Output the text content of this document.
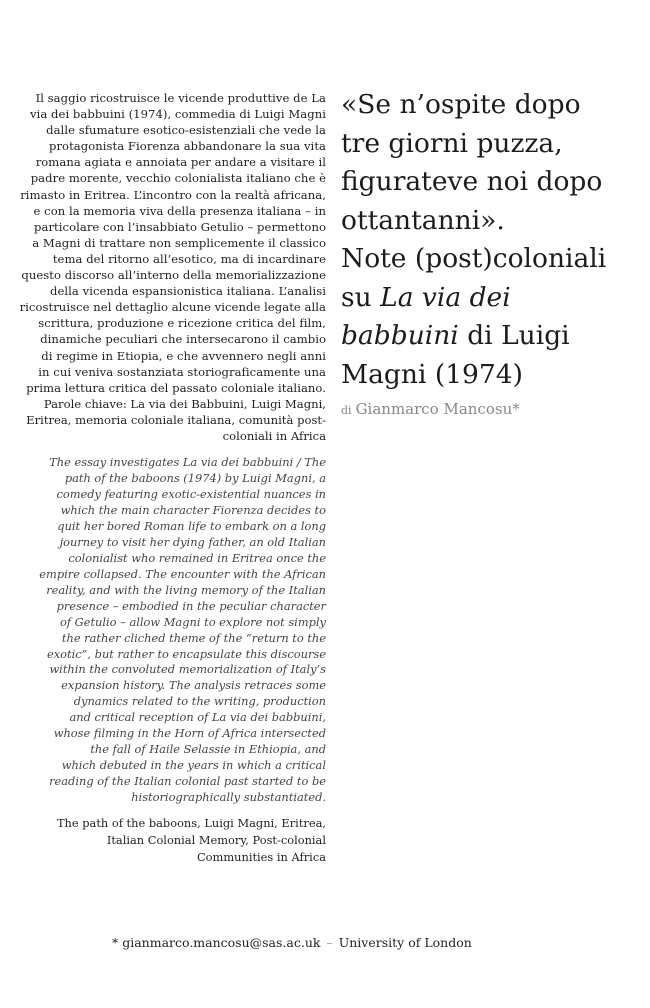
Il saggio ricostruisce le vicende produttive de La
via dei babbuini (1974), commedia di Luigi Magni
dalle sfumature esotico-esistenziali che vede la
protagonista Fiorenza abbandonare la sua vita
romana agiata e annoiata per andare a visitare il
padre morente, vecchio colonialista italiano che è
rimasto in Eritrea. L’incontro con la realtà africana,
e con la memoria viva della presenza italiana – in
particolare con l’insabbiato Getulio – permettono
a Magni di trattare non semplicemente il classico
tema del ritorno all’esotico, ma di incardinare
questo discorso all’interno della memorializzazione
della vicenda espansionistica italiana. L’analisi
ricostruisce nel dettaglio alcune vicende legate alla
scrittura, produzione e ricezione critica del film,
dinamiche peculiari che intersecarono il cambio
di regime in Etiopia, e che avvennero negli anni
in cui veniva sostanziata storiograficamente una
prima lettura critica del passato coloniale italiano.
Parole chiave: La via dei Babbuini, Luigi Magni,
Eritrea, memoria coloniale italiana, comunità post-
coloniali in Africa
The essay investigates La via dei babbuini / The
path of the baboons (1974) by Luigi Magni, a
comedy featuring exotic-existential nuances in
which the main character Fiorenza decides to
quit her bored Roman life to embark on a long
journey to visit her dying father, an old Italian
colonialist who remained in Eritrea once the
empire collapsed. The encounter with the African
reality, and with the living memory of the Italian
presence – embodied in the peculiar character
of Getulio – allow Magni to explore not simply
the rather cliched theme of the “return to the
exotic”, but rather to encapsulate this discourse
within the convoluted memorialization of Italy’s
expansion history. The analysis retraces some
dynamics related to the writing, production
and critical reception of La via dei babbuini,
whose filming in the Horn of Africa intersected
the fall of Haile Selassie in Ethiopia, and
which debuted in the years in which a critical
reading of the Italian colonial past started to be
historiographically substantiated.
The path of the baboons, Luigi Magni, Eritrea,
Italian Colonial Memory, Post-colonial
Communities in Africa
«Se n’ospite dopo
tre giorni puzza,
figurateve noi dopo
ottantanni».
Note (post)coloniali
su La via dei
babbuini di Luigi
Magni (1974)
di Gianmarco Mancosu*
* gianmarco.mancosu@sas.ac.uk – University of London
